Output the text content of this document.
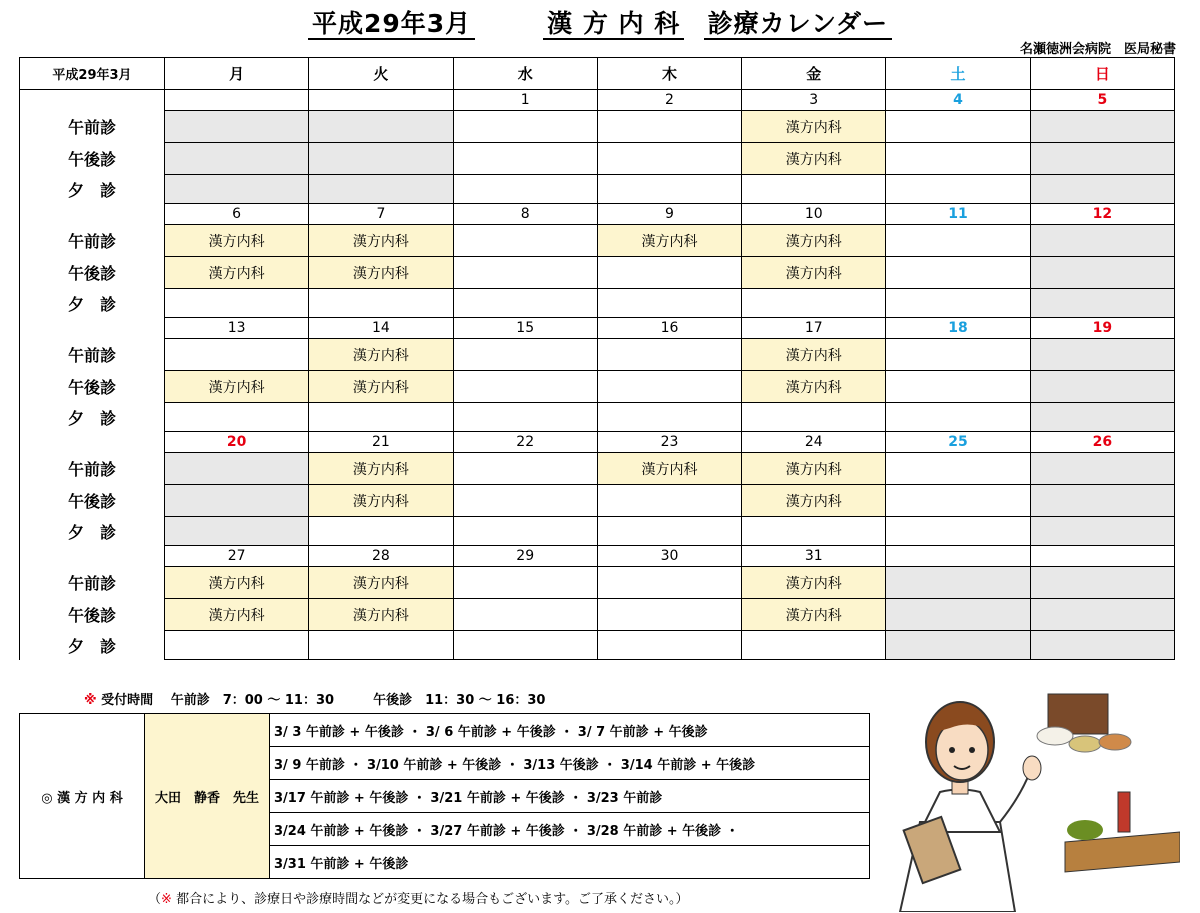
平成29年3月	漢 方 内 科 診療カレンダー
名瀬徳洲会病院　医局秘書
平成29年3月	月	火	水	木	金	土	日
			1	2	3	4	5
午前診					漢方内科		
午後診					漢方内科		
夕　診							
	6	7	8	9	10	11	12
午前診	漢方内科	漢方内科		漢方内科	漢方内科		
午後診	漢方内科	漢方内科			漢方内科		
夕　診							
	13	14	15	16	17	18	19
午前診		漢方内科			漢方内科		
午後診	漢方内科	漢方内科			漢方内科		
夕　診							
	20	21	22	23	24	25	26
午前診		漢方内科		漢方内科	漢方内科		
午後診		漢方内科			漢方内科		
夕　診							
	27	28	29	30	31		
午前診	漢方内科	漢方内科			漢方内科		
午後診	漢方内科	漢方内科			漢方内科		
夕　診							
※ 受付時間　 午前診　7：00 ～ 11：30　　　午後診　11：30 ～ 16：30
◎ 漢 方 内 科	大田　静香　先生	3/ 3 午前診 + 午後診 ・ 3/ 6 午前診 + 午後診 ・ 3/ 7 午前診 + 午後診
3/ 9 午前診 ・ 3/10 午前診 + 午後診 ・ 3/13 午後診 ・ 3/14 午前診 + 午後診
3/17 午前診 + 午後診 ・ 3/21 午前診 + 午後診 ・ 3/23 午前診
3/24 午前診 + 午後診 ・ 3/27 午前診 + 午後診 ・ 3/28 午前診 + 午後診 ・
3/31 午前診 + 午後診
（※ 都合により、診療日や診療時間などが変更になる場合もございます。ご了承ください。）
